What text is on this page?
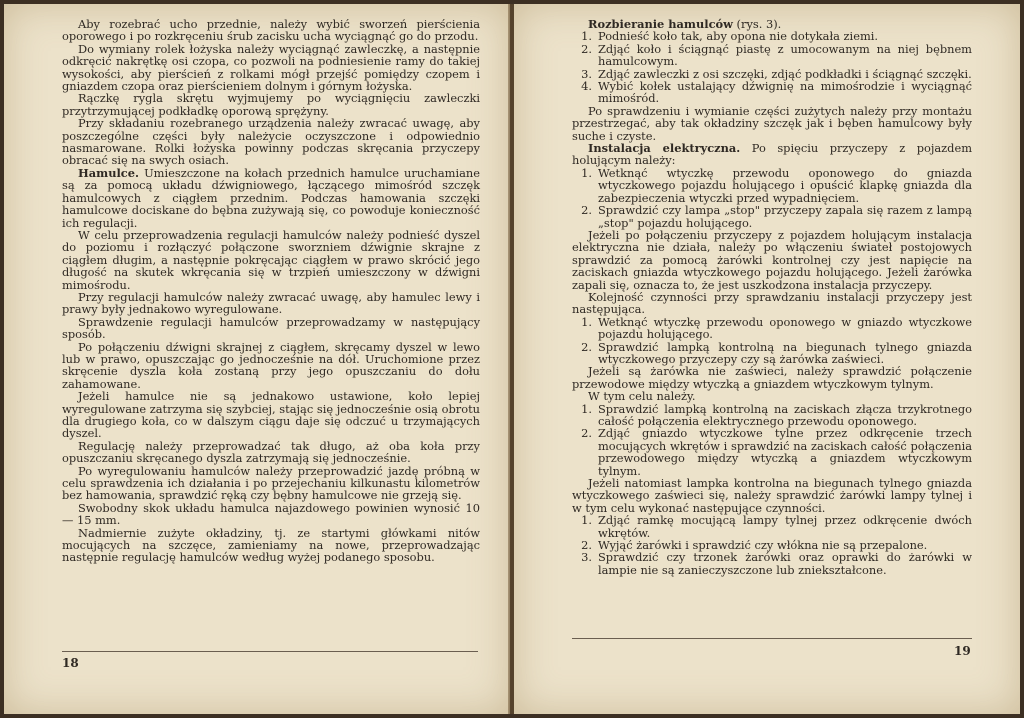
Aby rozebrać ucho przednie, należy wybić sworzeń pierścienia oporowego i po rozkręceniu śrub zacisku ucha wyciągnąć go do przodu.

Do wymiany rolek łożyska należy wyciągnąć zawleczkę, a następnie odkręcić nakrętkę osi czopa, co pozwoli na podniesienie ramy do takiej wysokości, aby pierścień z rolkami mógł przejść pomiędzy czopem i gniazdem czopa oraz pierścieniem dolnym i górnym łożyska.

Rączkę rygla skrętu wyjmujemy po wyciągnięciu zawleczki przytrzymującej podkładkę oporową sprężyny.

Przy składaniu rozebranego urządzenia należy zwracać uwagę, aby poszczególne części były należycie oczyszczone i odpowiednio nasmarowane. Rolki łożyska powinny podczas skręcania przyczepy obracać się na swych osiach.

Hamulce. Umieszczone na kołach przednich hamulce uruchamiane są za pomocą układu dźwigniowego, łączącego mimośród szczęk hamulcowych z ciągłem przednim. Podczas hamowania szczęki hamulcowe dociskane do bębna zużywają się, co powoduje konieczność ich regulacji.

W celu przeprowadzenia regulacji hamulców należy podnieść dyszel do poziomu i rozłączyć połączone sworzniem dźwignie skrajne z ciągłem długim, a następnie pokręcając ciągłem w prawo skrócić jego długość na skutek wkręcania się w trzpień umieszczony w dźwigni mimośrodu.

Przy regulacji hamulców należy zwracać uwagę, aby hamulec lewy i prawy były jednakowo wyregulowane.

Sprawdzenie regulacji hamulców przeprowadzamy w następujący sposób.

Po połączeniu dźwigni skrajnej z ciągłem, skręcamy dyszel w lewo lub w prawo, opuszczając go jednocześnie na dół. Uruchomione przez skręcenie dyszla koła zostaną przy jego opuszczaniu do dołu zahamowane.

Jeżeli hamulce nie są jednakowo ustawione, koło lepiej wyregulowane zatrzyma się szybciej, stając się jednocześnie osią obrotu dla drugiego koła, co w dalszym ciągu daje się odczuć u trzymających dyszel.

Regulację należy przeprowadzać tak długo, aż oba koła przy opuszczaniu skręcanego dyszla zatrzymają się jednocześnie.

Po wyregulowaniu hamulców należy przeprowadzić jazdę próbną w celu sprawdzenia ich działania i po przejechaniu kilkunastu kilometrów bez hamowania, sprawdzić ręką czy bębny hamulcowe nie grzeją się.

Swobodny skok układu hamulca najazdowego powinien wynosić 10 — 15 mm.

Nadmiernie zużyte okładziny, tj. ze startymi główkami nitów mocujących na szczęce, zamieniamy na nowe, przeprowadzając następnie regulację hamulców według wyżej podanego sposobu.

18

Rozbieranie hamulców (rys. 3).

1. Podnieść koło tak, aby opona nie dotykała ziemi.
2. Zdjąć koło i ściągnąć piastę z umocowanym na niej bębnem hamulcowym.
3. Zdjąć zawleczki z osi szczęki, zdjąć podkładki i ściągnąć szczęki.
4. Wybić kołek ustalający dźwignię na mimośrodzie i wyciągnąć mimośród.

Po sprawdzeniu i wymianie części zużytych należy przy montażu przestrzegać, aby tak okładziny szczęk jak i bęben hamulcowy były suche i czyste.

Instalacja elektryczna. Po spięciu przyczepy z pojazdem holującym należy:

1. Wetknąć wtyczkę przewodu oponowego do gniazda wtyczkowego pojazdu holującego i opuścić klapkę gniazda dla zabezpieczenia wtyczki przed wypadnięciem.
2. Sprawdzić czy lampa „stop" przyczepy zapala się razem z lampą „stop" pojazdu holującego.

Jeżeli po połączeniu przyczepy z pojazdem holującym instalacja elektryczna nie działa, należy po włączeniu świateł postojowych sprawdzić za pomocą żarówki kontrolnej czy jest napięcie na zaciskach gniazda wtyczkowego pojazdu holującego. Jeżeli żarówka zapali się, oznacza to, że jest uszkodzona instalacja przyczepy.

Kolejność czynności przy sprawdzaniu instalacji przyczepy jest następująca.

1. Wetknąć wtyczkę przewodu oponowego w gniazdo wtyczkowe pojazdu holującego.
2. Sprawdzić lampką kontrolną na biegunach tylnego gniazda wtyczkowego przyczepy czy są żarówka zaświeci.

Jeżeli są żarówka nie zaświeci, należy sprawdzić połączenie przewodowe między wtyczką a gniazdem wtyczkowym tylnym.

W tym celu należy.

1. Sprawdzić lampką kontrolną na zaciskach złącza trzykrotnego całość połączenia elektrycznego przewodu oponowego.
2. Zdjąć gniazdo wtyczkowe tylne przez odkręcenie trzech mocujących wkrętów i sprawdzić na zaciskach całość połączenia przewodowego między wtyczką a gniazdem wtyczkowym tylnym.

Jeżeli natomiast lampka kontrolna na biegunach tylnego gniazda wtyczkowego zaświeci się, należy sprawdzić żarówki lampy tylnej i w tym celu wykonać następujące czynności.

1. Zdjąć ramkę mocującą lampy tylnej przez odkręcenie dwóch wkrętów.
2. Wyjąć żarówki i sprawdzić czy włókna nie są przepalone.
3. Sprawdzić czy trzonek żarówki oraz oprawki do żarówki w lampie nie są zanieczyszczone lub zniekształcone.
19
